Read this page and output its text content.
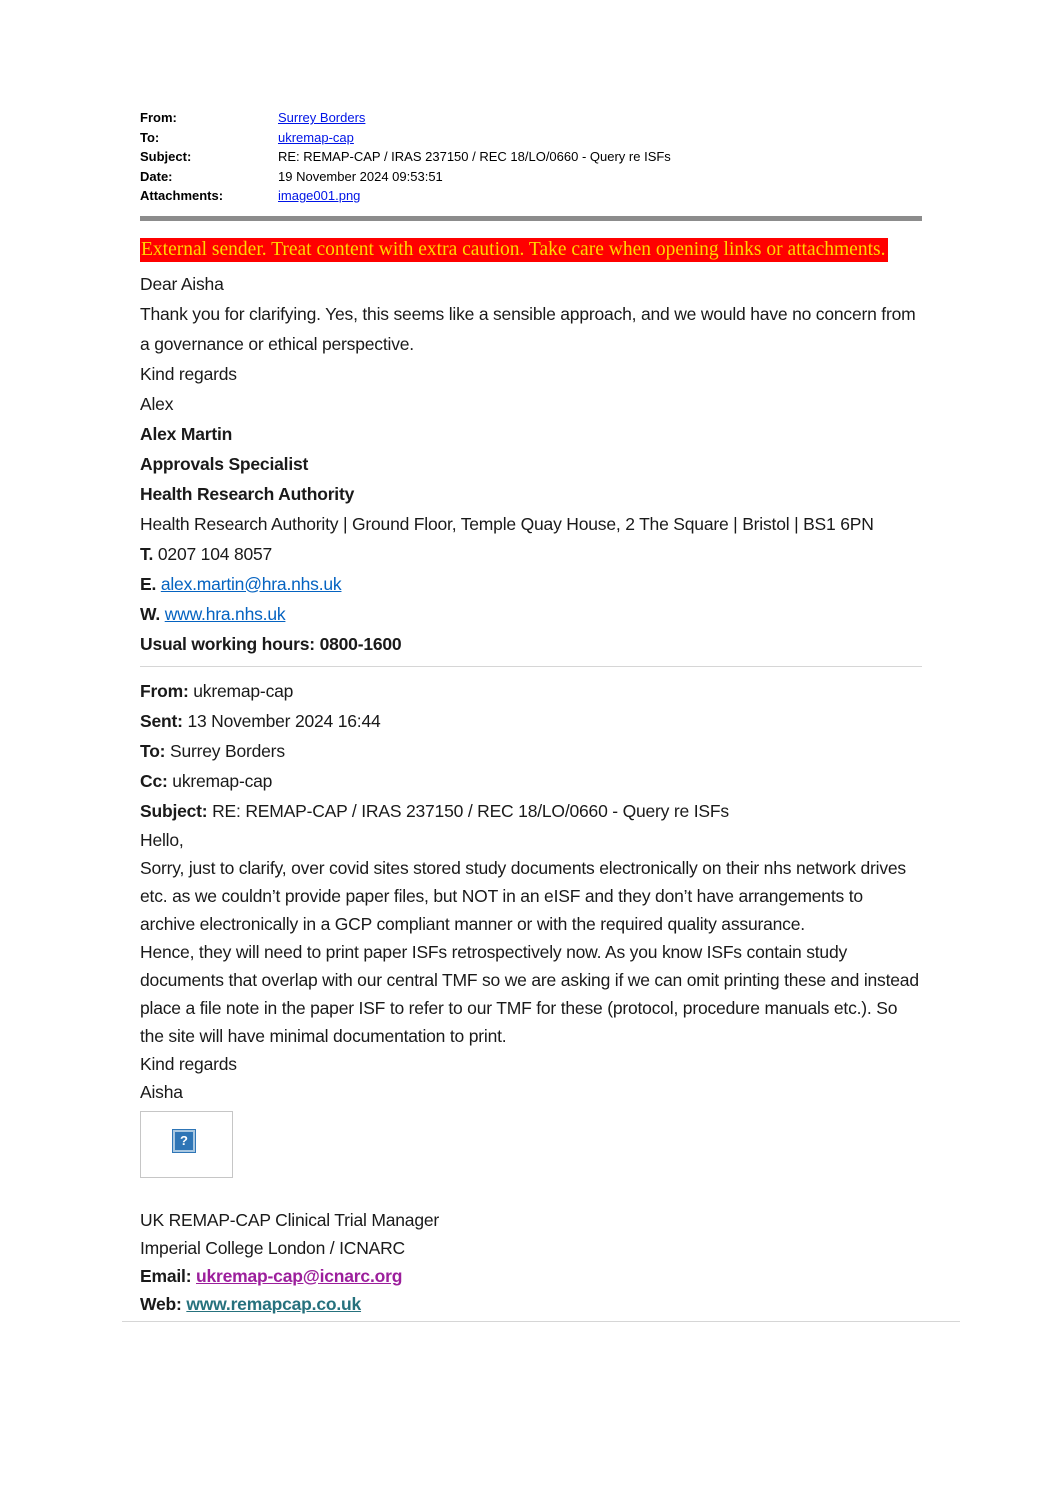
From:	Surrey Borders
To:	ukremap-cap
Subject:	RE: REMAP-CAP / IRAS 237150 / REC 18/LO/0660 - Query re ISFs
Date:	19 November 2024 09:53:51
Attachments:	image001.png
External sender. Treat content with extra caution. Take care when opening links or attachments.

Dear Aisha

Thank you for clarifying. Yes, this seems like a sensible approach, and we would have no concern from a governance or ethical perspective.

Kind regards

Alex

Alex Martin

Approvals Specialist

Health Research Authority

Health Research Authority | Ground Floor, Temple Quay House, 2 The Square | Bristol | BS1 6PN

T. 0207 104 8057

E. alex.martin@hra.nhs.uk

W. www.hra.nhs.uk

Usual working hours: 0800-1600

From: ukremap-cap

Sent: 13 November 2024 16:44

To: Surrey Borders

Cc: ukremap-cap

Subject: RE: REMAP-CAP / IRAS 237150 / REC 18/LO/0660 - Query re ISFs

Hello,

Sorry, just to clarify, over covid sites stored study documents electronically on their nhs network drives etc. as we couldn’t provide paper files, but NOT in an eISF and they don’t have arrangements to archive electronically in a GCP compliant manner or with the required quality assurance.

Hence, they will need to print paper ISFs retrospectively now. As you know ISFs contain study documents that overlap with our central TMF so we are asking if we can omit printing these and instead place a file note in the paper ISF to refer to our TMF for these (protocol, procedure manuals etc.). So the site will have minimal documentation to print.

Kind regards

Aisha

?

UK REMAP-CAP Clinical Trial Manager

Imperial College London / ICNARC

Email: ukremap-cap@icnarc.org

Web: www.remapcap.co.uk
